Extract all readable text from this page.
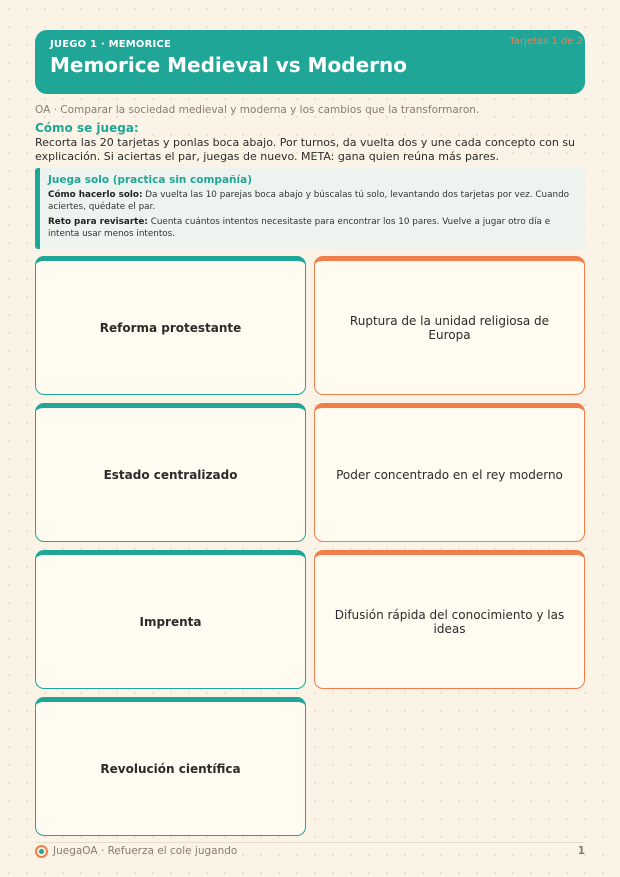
JUEGO 1 · MEMORICE
Memorice Medieval vs Moderno
Tarjetas 1 de 2
OA · Comparar la sociedad medieval y moderna y los cambios que la transformaron.
Cómo se juega:
Recorta las 20 tarjetas y ponlas boca abajo. Por turnos, da vuelta dos y une cada concepto con su explicación. Si aciertas el par, juegas de nuevo. META: gana quien reúna más pares.
Juega solo (practica sin compañía)
Cómo hacerlo solo: Da vuelta las 10 parejas boca abajo y búscalas tú solo, levantando dos tarjetas por vez. Cuando aciertes, quédate el par.
Reto para revisarte: Cuenta cuántos intentos necesitaste para encontrar los 10 pares. Vuelve a jugar otro día e intenta usar menos intentos.
Reforma protestante	Ruptura de la unidad religiosa de Europa
Estado centralizado	Poder concentrado en el rey moderno
Imprenta	Difusión rápida del conocimiento y las ideas
Revolución científica
JuegaOA · Refuerza el cole jugando	1
